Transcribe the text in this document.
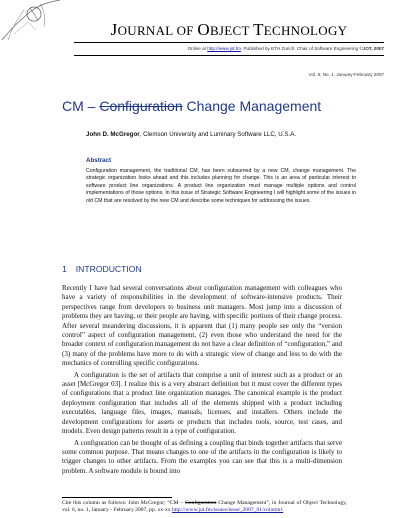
JOURNAL OF OBJECT TECHNOLOGY
Online at http://www.jot.fm. Published by ETH Zurich, Chair of Software Engineering ©JOT, 2007
Vol. 6, No. 1, January-February 2007
CM – Configuration Change Management
John D. McGregor, Clemson University and Luminary Software LLC, U.S.A.
Abstract
Configuration management, the traditional CM, has been subsumed by a new CM, change management. The strategic organization looks ahead and this includes planning for change. This is an area of particular interest to software product line organizations. A product line organization must manage multiple options and control implementations of those options. In this issue of Strategic Software Engineering I will highlight some of the issues in old CM that are resolved by the new CM and describe some techniques for addressing the issues.
1 INTRODUCTION

Recently I have had several conversations about configuration management with colleagues who have a variety of responsibilities in the development of software-intensive products. Their perspectives range from developers to business unit managers. Most jump into a discussion of problems they are having, or their people are having, with specific portions of their change process. After several meandering discussions, it is apparent that (1) many people see only the “version control” aspect of configuration management, (2) even those who understand the need for the broader context of configuration management do not have a clear definition of “configuration,” and (3) many of the problems have more to do with a strategic view of change and less to do with the mechanics of controlling specific configurations.

A configuration is the set of artifacts that comprise a unit of interest such as a product or an asset [McGregor 03]. I realize this is a very abstract definition but it must cover the different types of configurations that a product line organization manages. The canonical example is the product deployment configuration that includes all of the elements shipped with a product including executables, language files, images, manuals, licenses, and installers. Others include the development configurations for assets or products that includes tools, source, test cases, and models. Even design patterns result in a type of configuration.

A configuration can be thought of as defining a coupling that binds together artifacts that serve some common purpose. That means changes to one of the artifacts in the configuration is likely to trigger changes to other artifacts. From the examples you can see that this is a multi-dimension problem. A software module is bound into

Cite this column as follows: John McGregor; “CM – Configuration Change Management”, in Journal of Object Technology, vol. 6, no. 1, January - February 2007, pp. xx-xx http://www.jot.fm/issues/issue_2007_01/column1
